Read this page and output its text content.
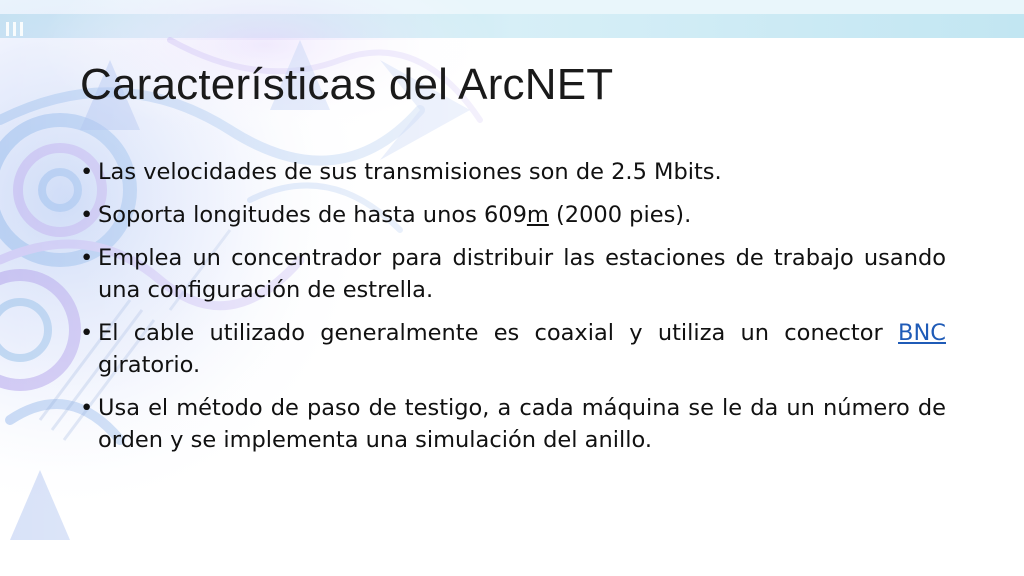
Características del ArcNET
• Las velocidades de sus transmisiones son de 2.5 Mbits.
• Soporta longitudes de hasta unos 609m (2000 pies).
• Emplea un concentrador para distribuir las estaciones de trabajo usando una configuración de estrella.
• El cable utilizado generalmente es coaxial y utiliza un conector BNC giratorio.
• Usa el método de paso de testigo, a cada máquina se le da un número de orden y se implementa una simulación del anillo.
